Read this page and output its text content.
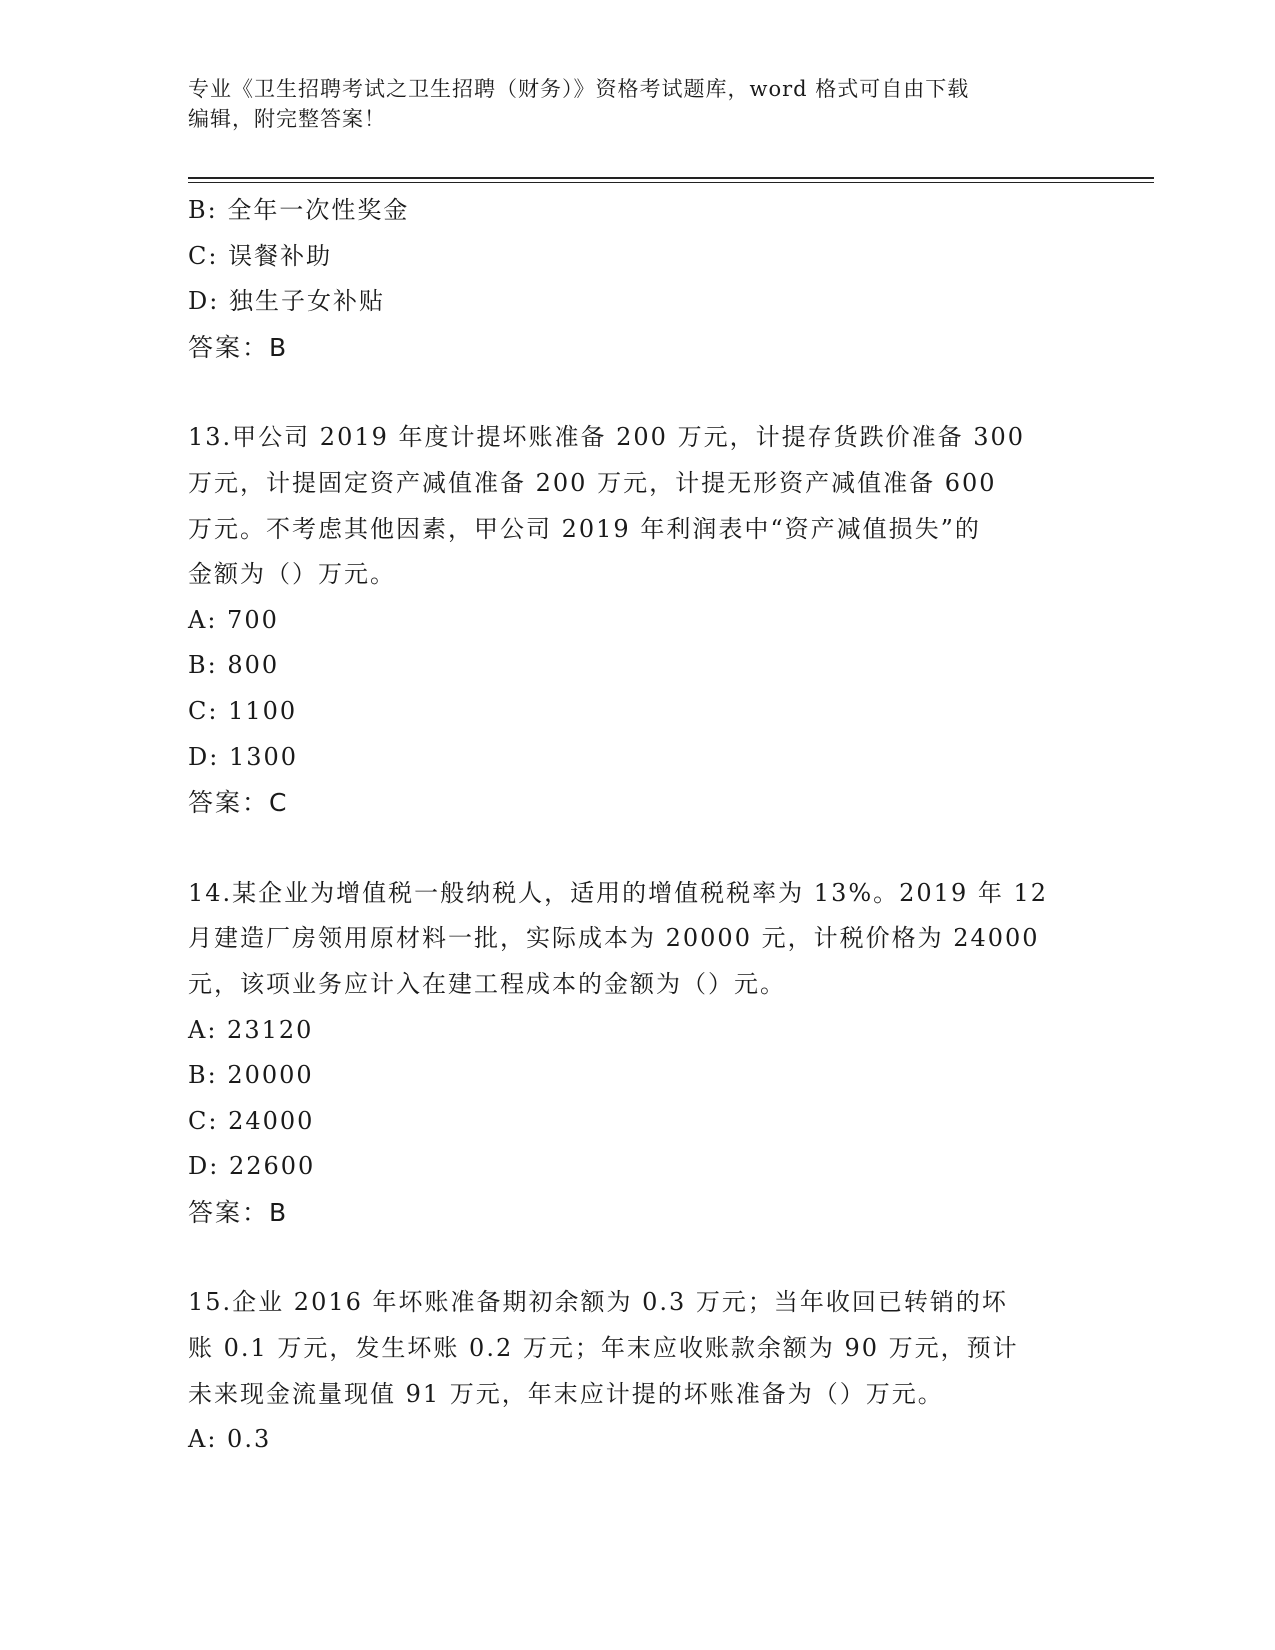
专业《卫生招聘考试之卫生招聘（财务）》资格考试题库，word 格式可自由下载
编辑，附完整答案！
B: 全年一次性奖金
C: 误餐补助
D: 独生子女补贴
答案：B
13.甲公司 2019 年度计提坏账准备 200 万元，计提存货跌价准备 300
万元，计提固定资产减值准备 200 万元，计提无形资产减值准备 600
万元。不考虑其他因素，甲公司 2019 年利润表中“资产减值损失”的
金额为（）万元。
A: 700
B: 800
C: 1100
D: 1300
答案：C
14.某企业为增值税一般纳税人，适用的增值税税率为 13%。2019 年 12
月建造厂房领用原材料一批，实际成本为 20000 元，计税价格为 24000
元，该项业务应计入在建工程成本的金额为（）元。
A: 23120
B: 20000
C: 24000
D: 22600
答案：B
15.企业 2016 年坏账准备期初余额为 0.3 万元；当年收回已转销的坏
账 0.1 万元，发生坏账 0.2 万元；年末应收账款余额为 90 万元，预计
未来现金流量现值 91 万元，年末应计提的坏账准备为（）万元。
A: 0.3
